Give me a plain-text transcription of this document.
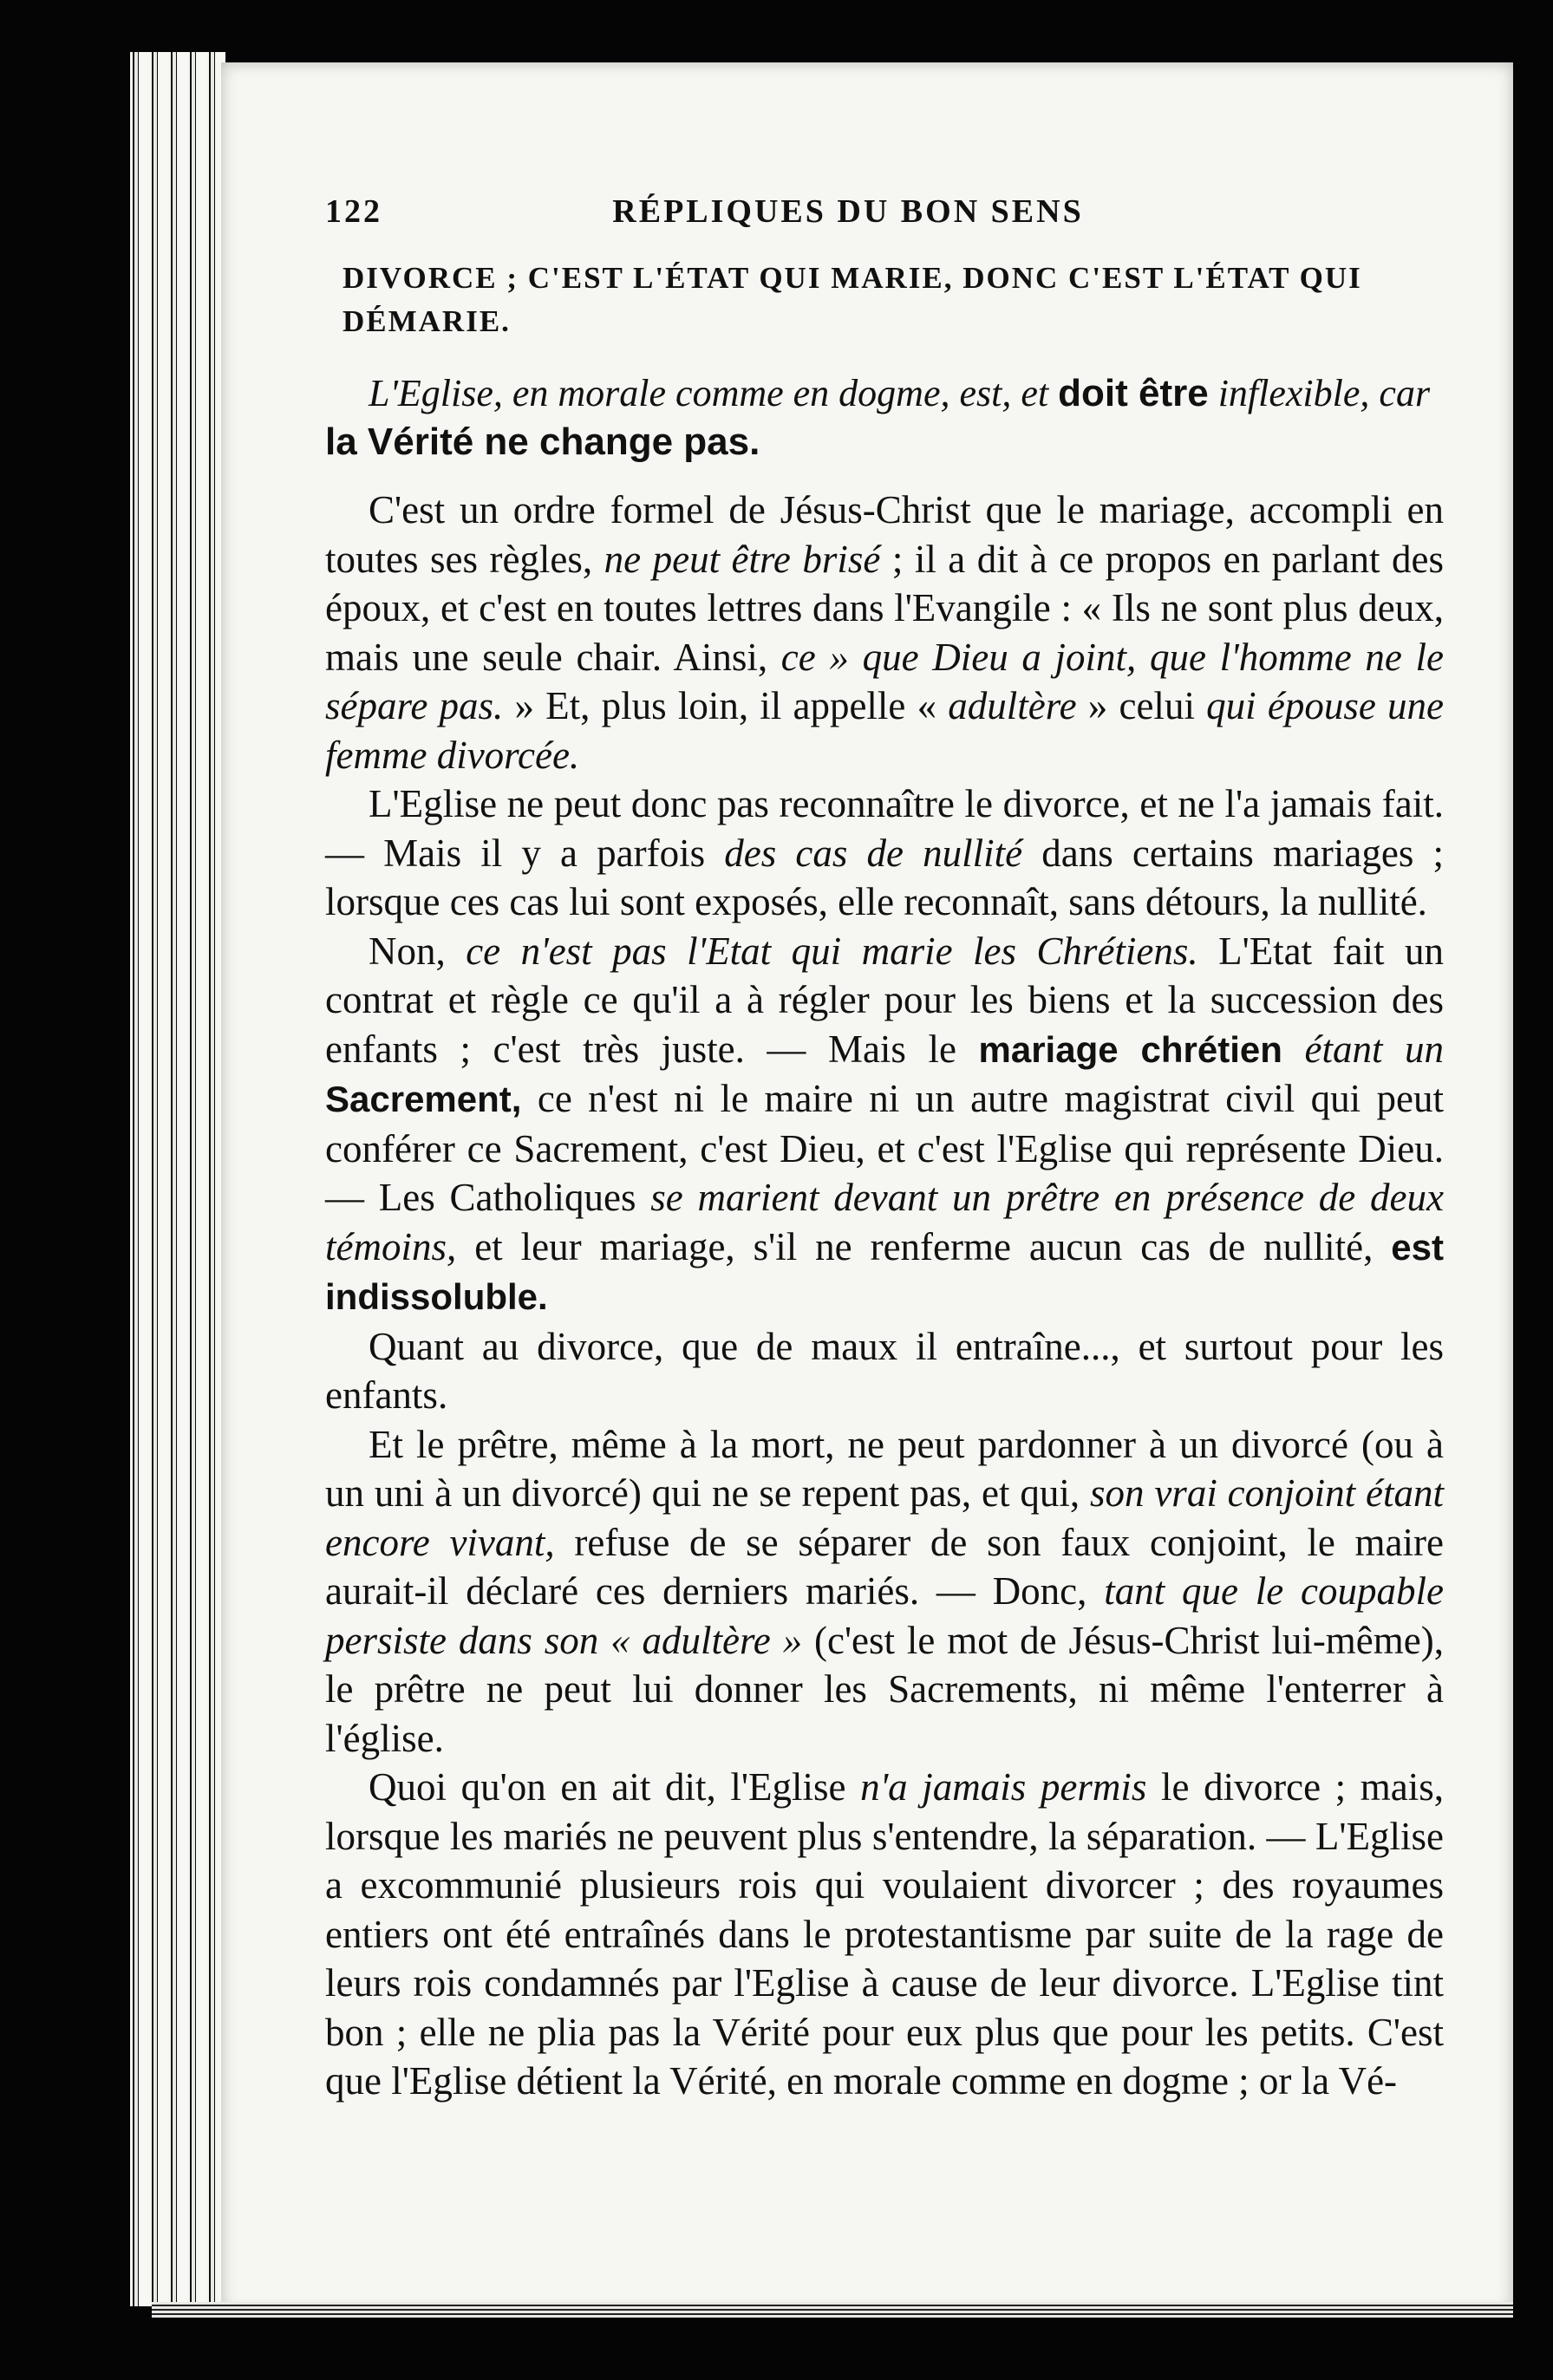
122	RÉPLIQUES DU BON SENS
DIVORCE ; C'EST L'ÉTAT QUI MARIE, DONC C'EST L'ÉTAT QUI DÉMARIE.
L'Eglise, en morale comme en dogme, est, et doit être inflexible, car la Vérité ne change pas.

C'est un ordre formel de Jésus-Christ que le mariage, accompli en toutes ses règles, ne peut être brisé ; il a dit à ce propos en parlant des époux, et c'est en toutes lettres dans l'Evangile : « Ils ne sont plus deux, mais une seule chair. Ainsi, ce » que Dieu a joint, que l'homme ne le sépare pas. » Et, plus loin, il appelle « adultère » celui qui épouse une femme divorcée.

L'Eglise ne peut donc pas reconnaître le divorce, et ne l'a jamais fait. — Mais il y a parfois des cas de nullité dans certains mariages ; lorsque ces cas lui sont exposés, elle reconnaît, sans détours, la nullité.

Non, ce n'est pas l'Etat qui marie les Chrétiens. L'Etat fait un contrat et règle ce qu'il a à régler pour les biens et la succession des enfants ; c'est très juste. — Mais le mariage chrétien étant un Sacrement, ce n'est ni le maire ni un autre magistrat civil qui peut conférer ce Sacrement, c'est Dieu, et c'est l'Eglise qui représente Dieu. — Les Catholiques se marient devant un prêtre en présence de deux témoins, et leur mariage, s'il ne renferme aucun cas de nullité, est indissoluble.

Quant au divorce, que de maux il entraîne..., et surtout pour les enfants.

Et le prêtre, même à la mort, ne peut pardonner à un divorcé (ou à un uni à un divorcé) qui ne se repent pas, et qui, son vrai conjoint étant encore vivant, refuse de se séparer de son faux conjoint, le maire aurait-il déclaré ces derniers mariés. — Donc, tant que le coupable persiste dans son « adultère » (c'est le mot de Jésus-Christ lui-même), le prêtre ne peut lui donner les Sacrements, ni même l'enterrer à l'église.

Quoi qu'on en ait dit, l'Eglise n'a jamais permis le divorce ; mais, lorsque les mariés ne peuvent plus s'entendre, la séparation. — L'Eglise a excommunié plusieurs rois qui voulaient divorcer ; des royaumes entiers ont été entraînés dans le protestantisme par suite de la rage de leurs rois condamnés par l'Eglise à cause de leur divorce. L'Eglise tint bon ; elle ne plia pas la Vérité pour eux plus que pour les petits. C'est que l'Eglise détient la Vérité, en morale comme en dogme ; or la Vé-
